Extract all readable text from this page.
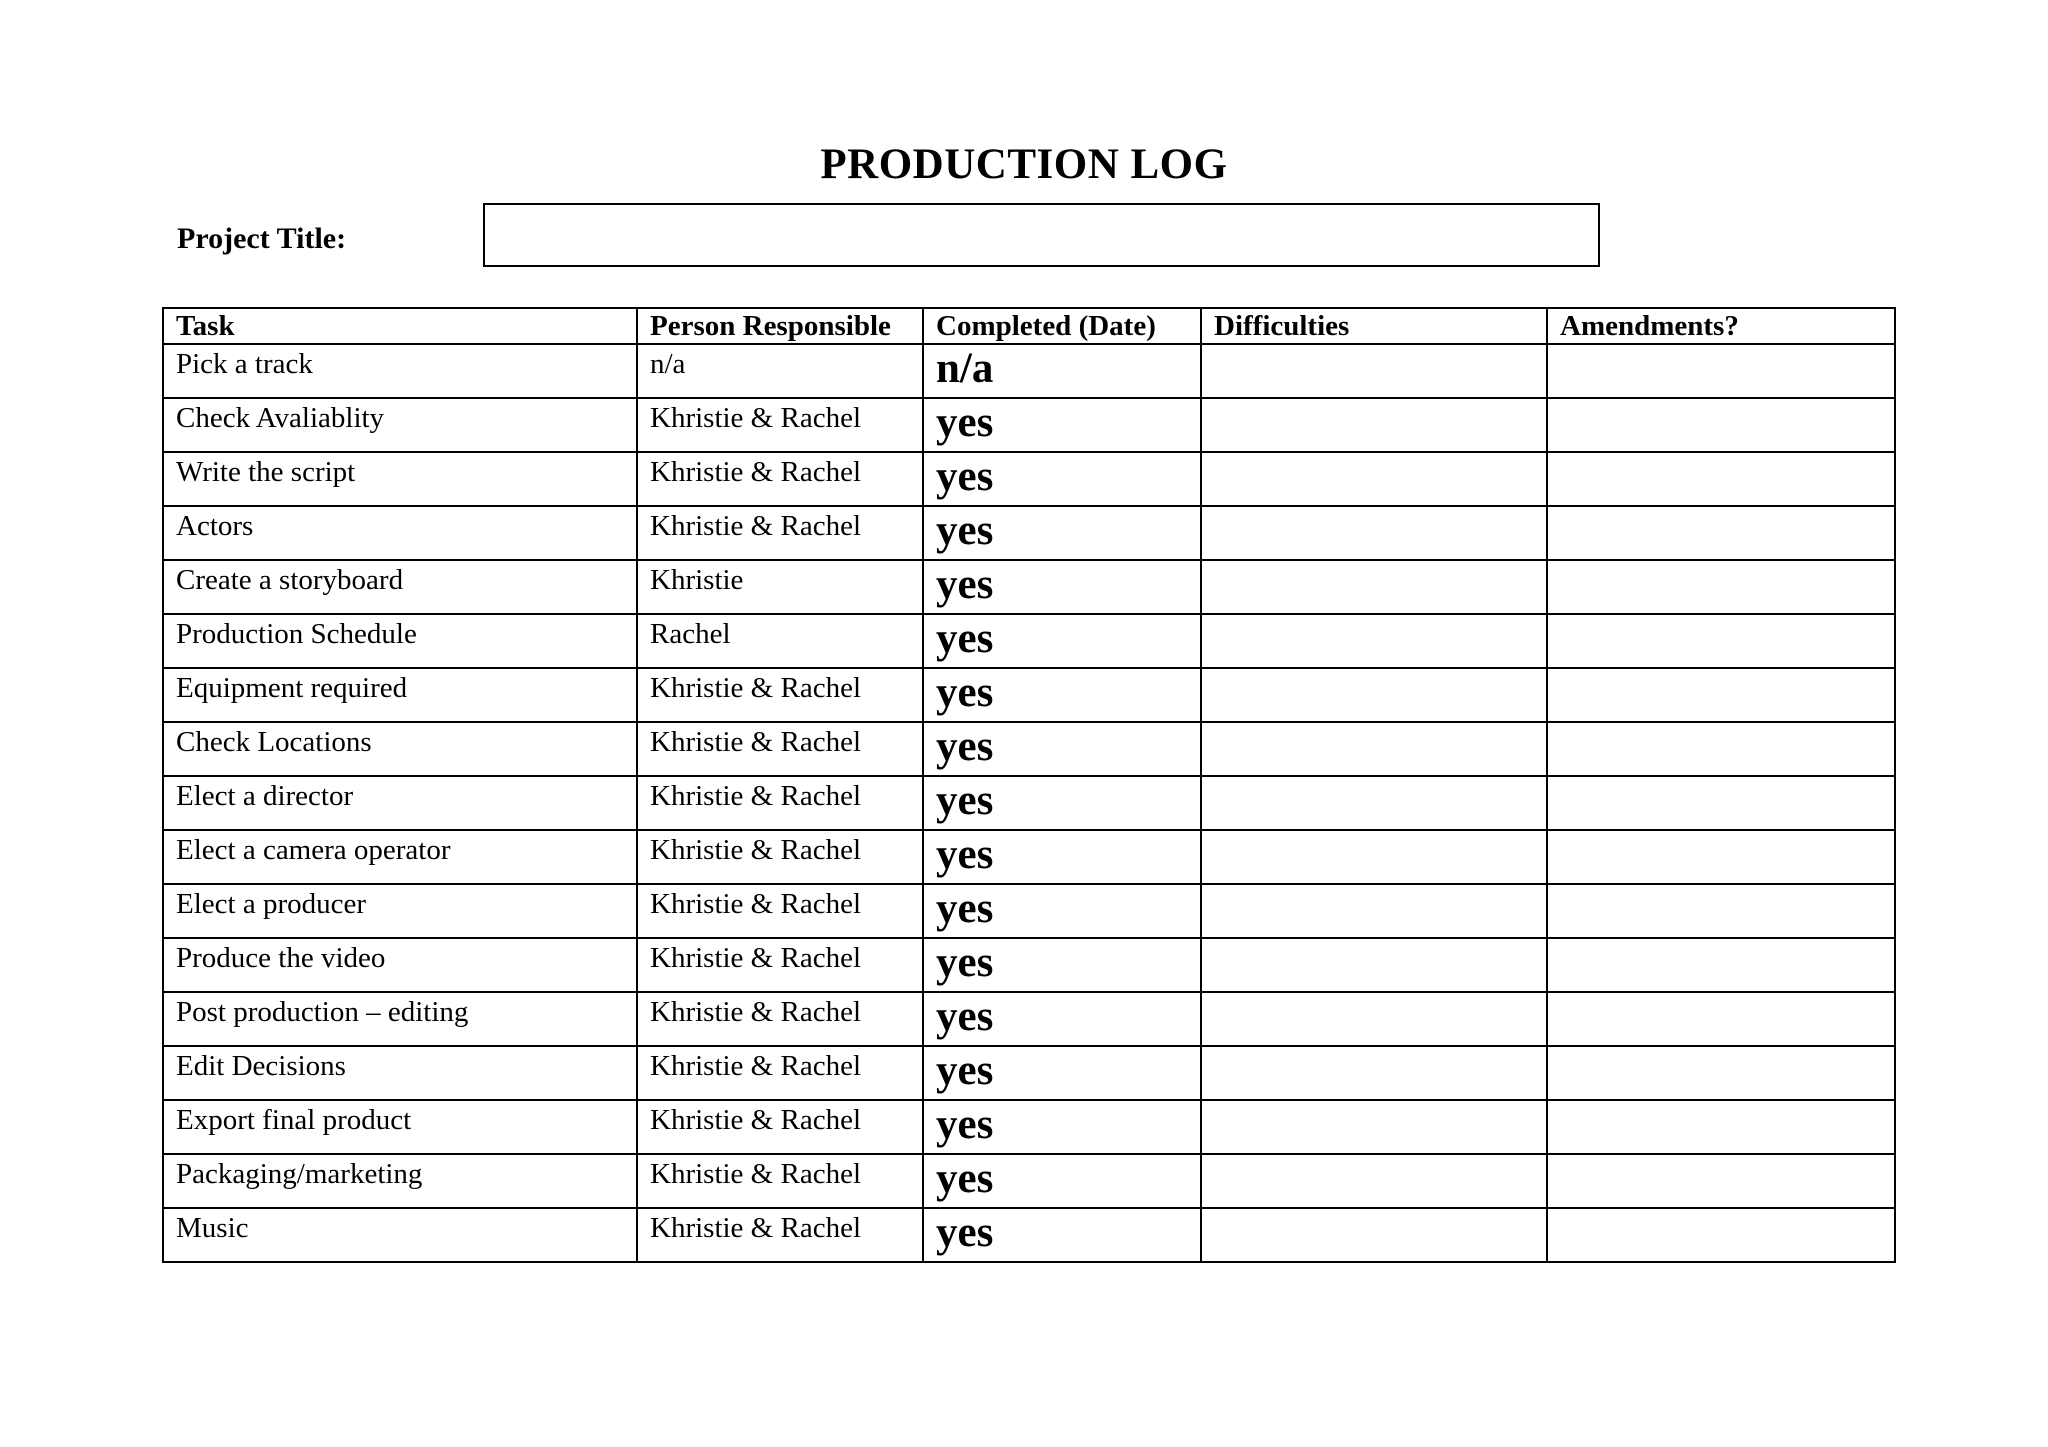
PRODUCTION LOG
Project Title:
Task	Person Responsible	Completed (Date)	Difficulties	Amendments?
Pick a track	n/a	n/a		
Check Avaliablity	Khristie & Rachel	yes		
Write the script	Khristie & Rachel	yes		
Actors	Khristie & Rachel	yes		
Create a storyboard	Khristie	yes		
Production Schedule	Rachel	yes		
Equipment required	Khristie & Rachel	yes		
Check Locations	Khristie & Rachel	yes		
Elect a director	Khristie & Rachel	yes		
Elect a camera operator	Khristie & Rachel	yes		
Elect a producer	Khristie & Rachel	yes		
Produce the video	Khristie & Rachel	yes		
Post production – editing	Khristie & Rachel	yes		
Edit Decisions	Khristie & Rachel	yes		
Export final product	Khristie & Rachel	yes		
Packaging/marketing	Khristie & Rachel	yes		
Music	Khristie & Rachel	yes		
